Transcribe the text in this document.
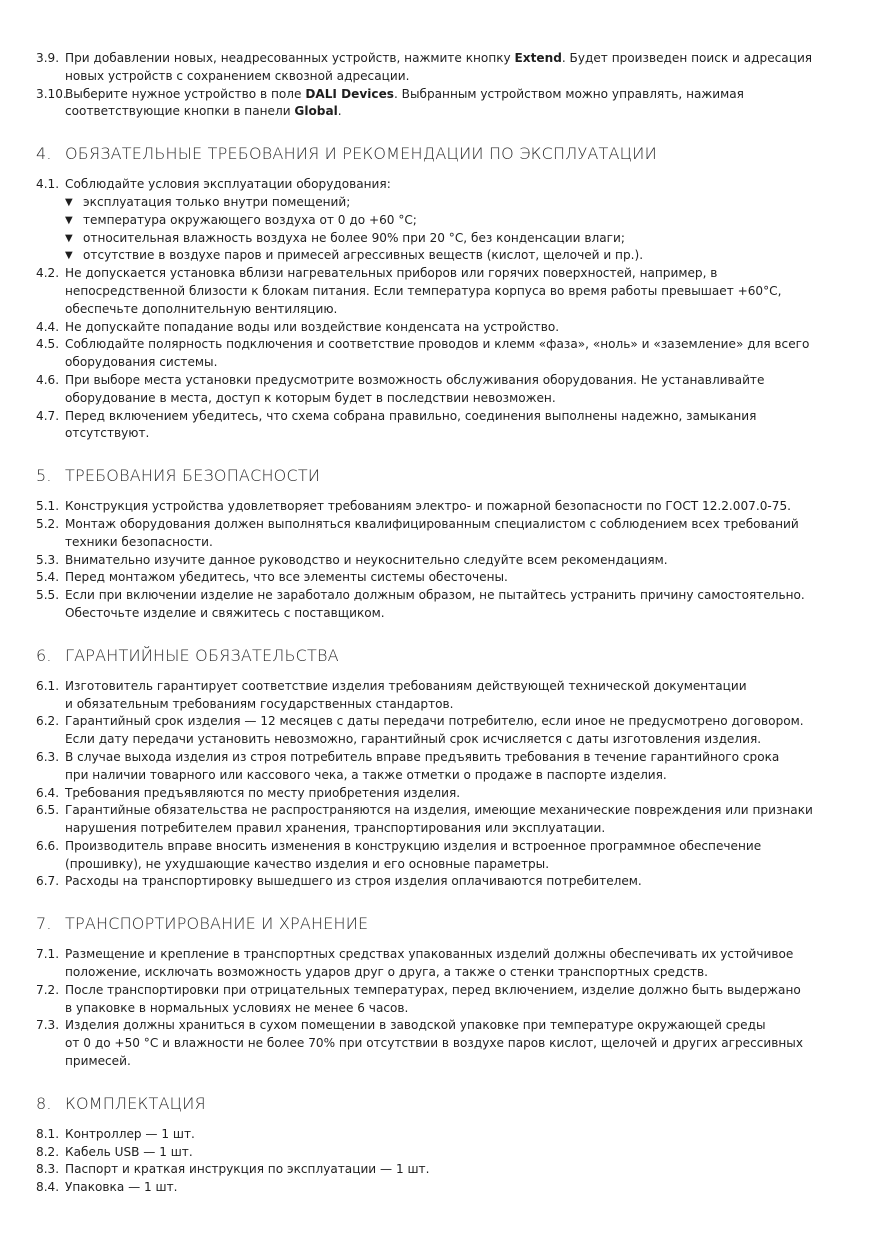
3.9. При добавлении новых, неадресованных устройств, нажмите кнопку Extend. Будет произведен поиск и адресация
новых устройств с сохранением сквозной адресации.
3.10.
Выберите нужное устройство в поле DALI Devices. Выбранным устройством можно управлять, нажимая
соответствующие кнопки в панели Global.
4. ОБЯЗАТЕЛЬНЫЕ ТРЕБОВАНИЯ И РЕКОМЕНДАЦИИ ПО ЭКСПЛУАТАЦИИ
4.1. Соблюдайте условия эксплуатации оборудования:
▼ эксплуатация только внутри помещений;
▼ температура окружающего воздуха от 0 до +60 °C;
▼ относительная влажность воздуха не более 90% при 20 °C, без конденсации влаги;
▼ отсутствие в воздухе паров и примесей агрессивных веществ (кислот, щелочей и пр.).
4.2. Не допускается установка вблизи нагревательных приборов или горячих поверхностей, например, в
непосредственной близости к блокам питания. Если температура корпуса во время работы превышает +60°C,
обеспечьте дополнительную вентиляцию.
4.4. Не допускайте попадание воды или воздействие конденсата на устройство.
4.5. Соблюдайте полярность подключения и соответствие проводов и клемм «фаза», «ноль» и «заземление» для всего
оборудования системы.
4.6. При выборе места установки предусмотрите возможность обслуживания оборудования. Не устанавливайте
оборудование в места, доступ к которым будет в последствии невозможен.
4.7. Перед включением убедитесь, что схема собрана правильно, соединения выполнены надежно, замыкания
отсутствуют.
5. ТРЕБОВАНИЯ БЕЗОПАСНОСТИ
5.1. Конструкция устройства удовлетворяет требованиям электро- и пожарной безопасности по ГОСТ 12.2.007.0-75.
5.2. Монтаж оборудования должен выполняться квалифицированным специалистом с соблюдением всех требований
техники безопасности.
5.3. Внимательно изучите данное руководство и неукоснительно следуйте всем рекомендациям.
5.4. Перед монтажом убедитесь, что все элементы системы обесточены.
5.5. Если при включении изделие не заработало должным образом, не пытайтесь устранить причину самостоятельно.
Обесточьте изделие и свяжитесь с поставщиком.
6. ГАРАНТИЙНЫЕ ОБЯЗАТЕЛЬСТВА
6.1. Изготовитель гарантирует соответствие изделия требованиям действующей технической документации
и обязательным требованиям государственных стандартов.
6.2. Гарантийный срок изделия — 12 месяцев с даты передачи потребителю, если иное не предусмотрено договором.
Если дату передачи установить невозможно, гарантийный срок исчисляется с даты изготовления изделия.
6.3. В случае выхода изделия из строя потребитель вправе предъявить требования в течение гарантийного срока
при наличии товарного или кассового чека, а также отметки о продаже в паспорте изделия.
6.4. Требования предъявляются по месту приобретения изделия.
6.5. Гарантийные обязательства не распространяются на изделия, имеющие механические повреждения или признаки
нарушения потребителем правил хранения, транспортирования или эксплуатации.
6.6. Производитель вправе вносить изменения в конструкцию изделия и встроенное программное обеспечение
(прошивку), не ухудшающие качество изделия и его основные параметры.
6.7. Расходы на транспортировку вышедшего из строя изделия оплачиваются потребителем.
7. ТРАНСПОРТИРОВАНИЕ И ХРАНЕНИЕ
7.1. Размещение и крепление в транспортных средствах упакованных изделий должны обеспечивать их устойчивое
положение, исключать возможность ударов друг о друга, а также о стенки транспортных средств.
7.2. После транспортировки при отрицательных температурах, перед включением, изделие должно быть выдержано
в упаковке в нормальных условиях не менее 6 часов.
7.3. Изделия должны храниться в сухом помещении в заводской упаковке при температуре окружающей среды
от 0 до +50 °C и влажности не более 70% при отсутствии в воздухе паров кислот, щелочей и других агрессивных
примесей.
8. КОМПЛЕКТАЦИЯ
8.1. Контроллер — 1 шт.
8.2. Кабель USB — 1 шт.
8.3. Паспорт и краткая инструкция по эксплуатации — 1 шт.
8.4. Упаковка — 1 шт.
